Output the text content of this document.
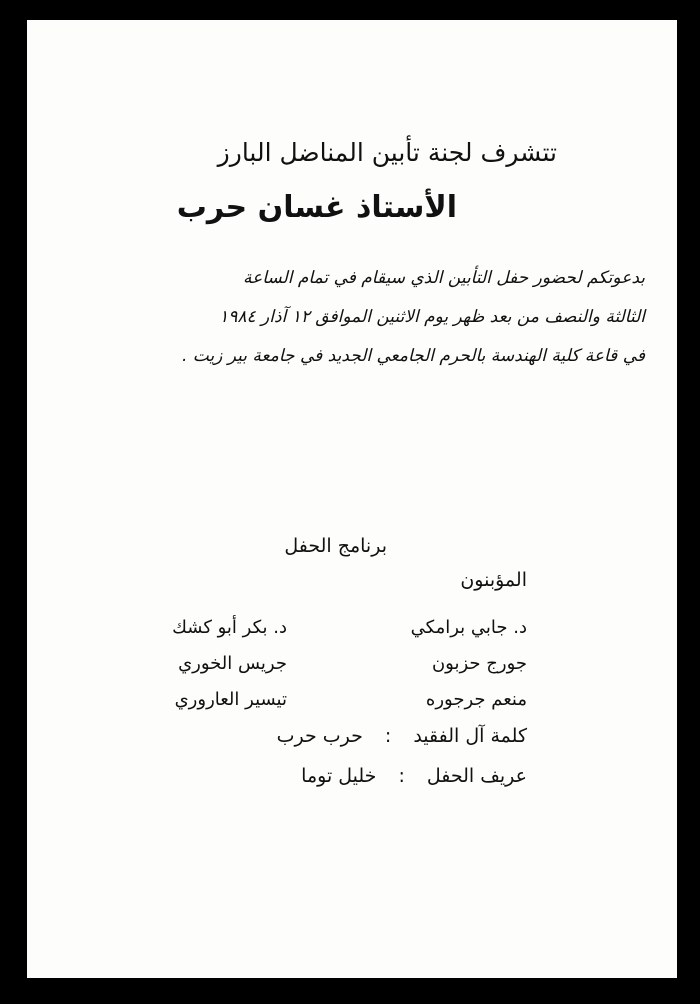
تتشرف لجنة تأبين المناضل البارز

الأستاذ غسان حرب

بدعوتكم لحضور حفل التأبين الذي سيقام في تمام الساعة

الثالثة والنصف من بعد ظهر يوم الاثنين الموافق ١٢ آذار ١٩٨٤

في قاعة كلية الهندسة بالحرم الجامعي الجديد في جامعة بير زيت .

برنامج الحفل

المؤبنون

د. جابي برامكي

د. بكر أبو كشك

جورج حزبون

جريس الخوري

منعم جرجوره

تيسير العاروري

كلمة آل الفقيد
:
حرب حرب
عريف الحفل
:
خليل توما
